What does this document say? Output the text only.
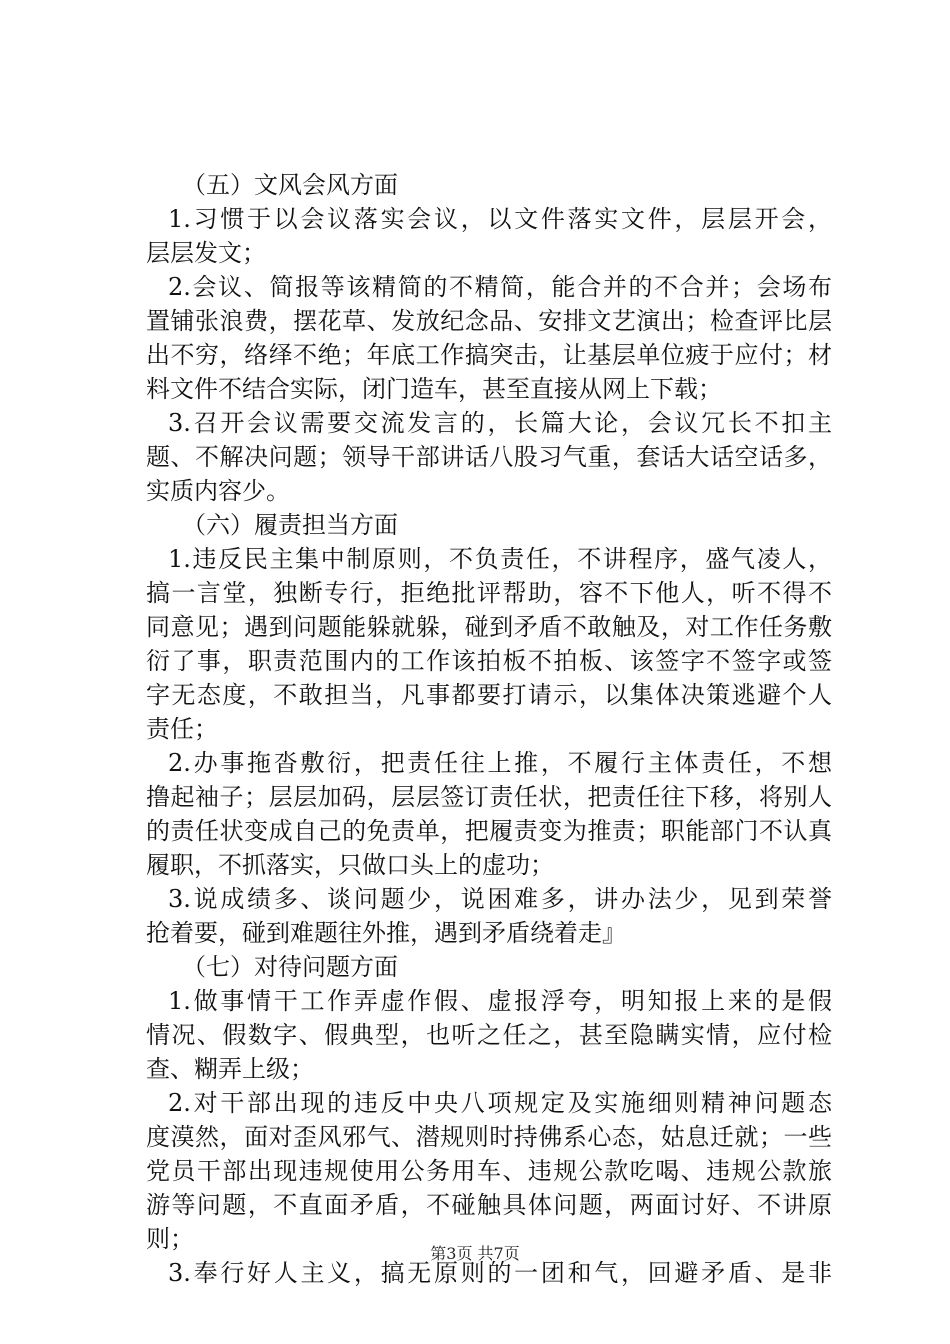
（五）文风会风方面
1.习惯于以会议落实会议，以文件落实文件，层层开会，
层层发文；
2.会议、简报等该精简的不精简，能合并的不合并；会场布
置铺张浪费，摆花草、发放纪念品、安排文艺演出；检查评比层
出不穷，络绎不绝；年底工作搞突击，让基层单位疲于应付；材
料文件不结合实际，闭门造车，甚至直接从网上下载；
3.召开会议需要交流发言的，长篇大论，会议冗长不扣主
题、不解决问题；领导干部讲话八股习气重，套话大话空话多，
实质内容少。
（六）履责担当方面
1.违反民主集中制原则，不负责任，不讲程序，盛气凌人，
搞一言堂，独断专行，拒绝批评帮助，容不下他人，听不得不
同意见；遇到问题能躲就躲，碰到矛盾不敢触及，对工作任务敷
衍了事，职责范围内的工作该拍板不拍板、该签字不签字或签
字无态度，不敢担当，凡事都要打请示，以集体决策逃避个人
责任；
2.办事拖沓敷衍，把责任往上推，不履行主体责任，不想
撸起袖子；层层加码，层层签订责任状，把责任往下移，将别人
的责任状变成自己的免责单，把履责变为推责；职能部门不认真
履职，不抓落实，只做口头上的虚功；
3.说成绩多、谈问题少，说困难多，讲办法少，见到荣誉
抢着要，碰到难题往外推，遇到矛盾绕着走』
（七）对待问题方面
1.做事情干工作弄虚作假、虚报浮夸，明知报上来的是假
情况、假数字、假典型，也听之任之，甚至隐瞒实情，应付检
查、糊弄上级；
2.对干部出现的违反中央八项规定及实施细则精神问题态
度漠然，面对歪风邪气、潜规则时持佛系心态，姑息迁就；一些
党员干部出现违规使用公务用车、违规公款吃喝、违规公款旅
游等问题，不直面矛盾，不碰触具体问题，两面讨好、不讲原
则；
3.奉行好人主义，搞无原则的一团和气，回避矛盾、是非
第3页 共7页
